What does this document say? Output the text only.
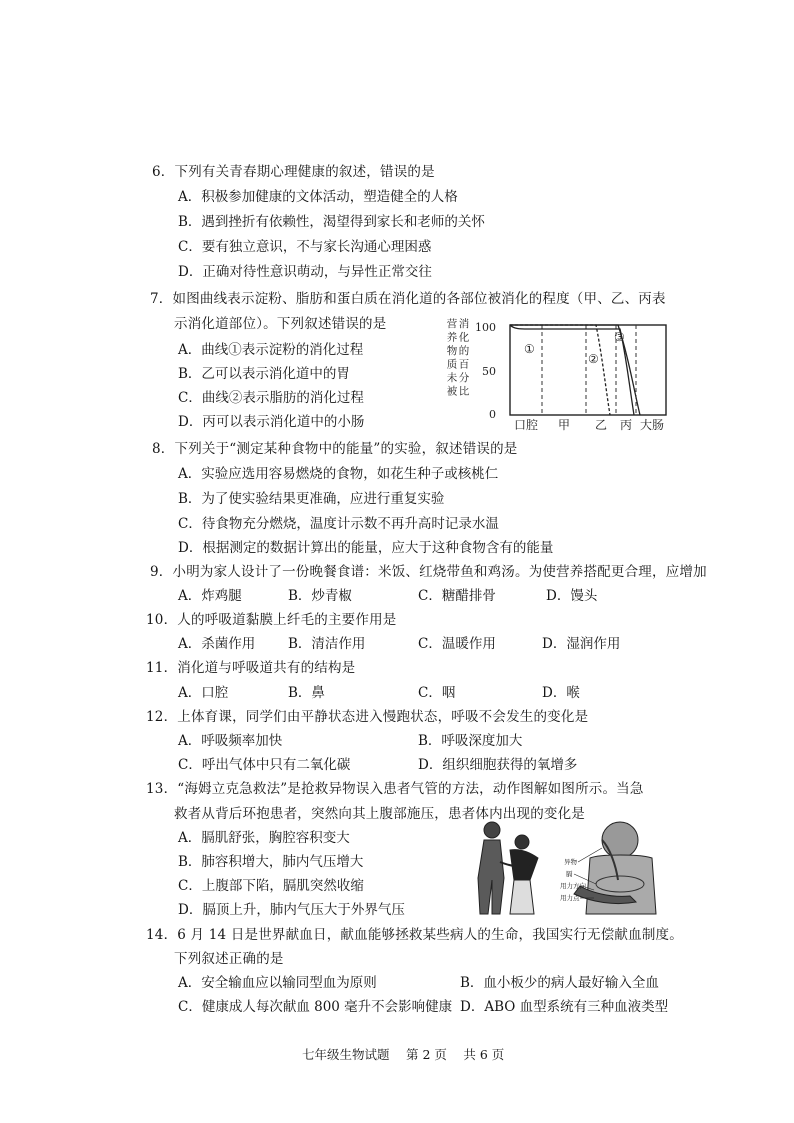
6．下列有关青春期心理健康的叙述，错误的是
A．积极参加健康的文体活动，塑造健全的人格
B．遇到挫折有依赖性，渴望得到家长和老师的关怀
C．要有独立意识，不与家长沟通心理困惑
D．正确对待性意识萌动，与异性正常交往
7．如图曲线表示淀粉、脂肪和蛋白质在消化道的各部位被消化的程度（甲、乙、丙表
示消化道部位）。下列叙述错误的是
A．曲线①表示淀粉的消化过程
B．乙可以表示消化道中的胃
C．曲线②表示脂肪的消化过程
D．丙可以表示消化道中的小肠
营养物质未被
消化的百分比
100
50
0
①
②
③
口腔 甲 乙 丙 大肠
8．下列关于“测定某种食物中的能量”的实验，叙述错误的是
A．实验应选用容易燃烧的食物，如花生种子或核桃仁
B．为了使实验结果更准确，应进行重复实验
C．待食物充分燃烧，温度计示数不再升高时记录水温
D．根据测定的数据计算出的能量，应大于这种食物含有的能量
9．小明为家人设计了一份晚餐食谱：米饭、红烧带鱼和鸡汤。为使营养搭配更合理，应增加
A．炸鸡腿	B．炒青椒	C．糖醋排骨	D．馒头
10．人的呼吸道黏膜上纤毛的主要作用是
A．杀菌作用 B．清洁作用	C．温暖作用	D．湿润作用
11．消化道与呼吸道共有的结构是
A．口腔	B．鼻	C．咽	D．喉
12．上体育课，同学们由平静状态进入慢跑状态，呼吸不会发生的变化是
A．呼吸频率加快	B．呼吸深度加大
C．呼出气体中只有二氧化碳	D．组织细胞获得的氧增多
13．“海姆立克急救法”是抢救异物误入患者气管的方法，动作图解如图所示。当急
救者从背后环抱患者，突然向其上腹部施压，患者体内出现的变化是
A．膈肌舒张，胸腔容积变大
B．肺容积增大，肺内气压增大
C．上腹部下陷，膈肌突然收缩
D．膈顶上升，肺内气压大于外界气压
异物
膈
用力方向
用力点
14．6 月 14 日是世界献血日，献血能够拯救某些病人的生命，我国实行无偿献血制度。
下列叙述正确的是
A．安全输血应以输同型血为原则	B．血小板少的病人最好输入全血
C．健康成人每次献血 800 毫升不会影响健康 D．ABO 血型系统有三种血液类型
七年级生物试题　 第 2 页　 共 6 页
